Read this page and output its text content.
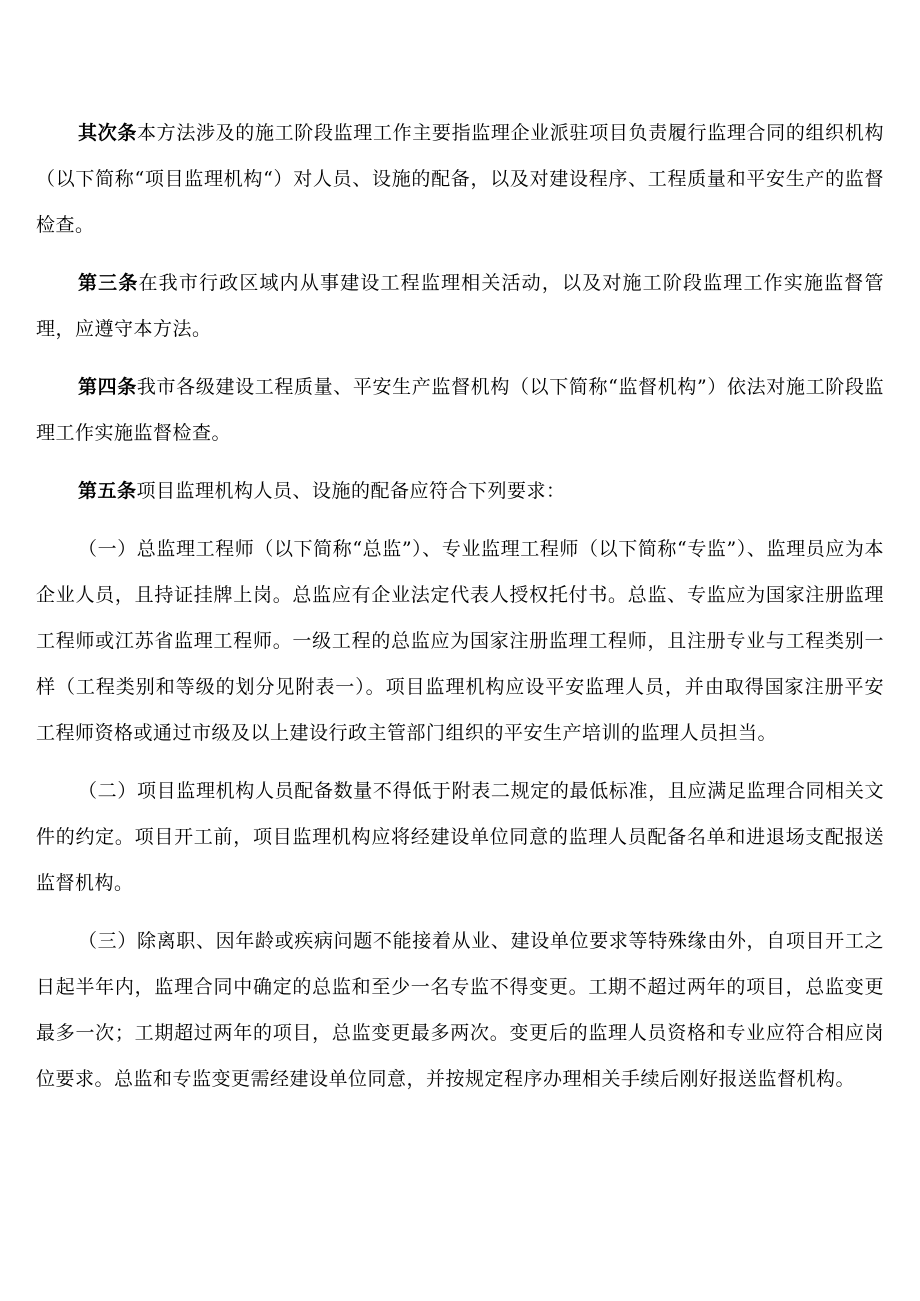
其次条本方法涉及的施工阶段监理工作主要指监理企业派驻项目负责履行监理合同的组织机构（以下简称“项目监理机构“）对人员、设施的配备，以及对建设程序、工程质量和平安生产的监督检查。

第三条在我市行政区域内从事建设工程监理相关活动，以及对施工阶段监理工作实施监督管理，应遵守本方法。

第四条我市各级建设工程质量、平安生产监督机构（以下简称“监督机构”）依法对施工阶段监理工作实施监督检查。

第五条项目监理机构人员、设施的配备应符合下列要求：

（一）总监理工程师（以下简称“总监”）、专业监理工程师（以下简称“专监”）、监理员应为本企业人员，且持证挂牌上岗。总监应有企业法定代表人授权托付书。总监、专监应为国家注册监理工程师或江苏省监理工程师。一级工程的总监应为国家注册监理工程师，且注册专业与工程类别一样（工程类别和等级的划分见附表一）。项目监理机构应设平安监理人员，并由取得国家注册平安工程师资格或通过市级及以上建设行政主管部门组织的平安生产培训的监理人员担当。

（二）项目监理机构人员配备数量不得低于附表二规定的最低标准，且应满足监理合同相关文件的约定。项目开工前，项目监理机构应将经建设单位同意的监理人员配备名单和进退场支配报送监督机构。

（三）除离职、因年龄或疾病问题不能接着从业、建设单位要求等特殊缘由外，自项目开工之日起半年内，监理合同中确定的总监和至少一名专监不得变更。工期不超过两年的项目，总监变更最多一次；工期超过两年的项目，总监变更最多两次。变更后的监理人员资格和专业应符合相应岗位要求。总监和专监变更需经建设单位同意，并按规定程序办理相关手续后刚好报送监督机构。
